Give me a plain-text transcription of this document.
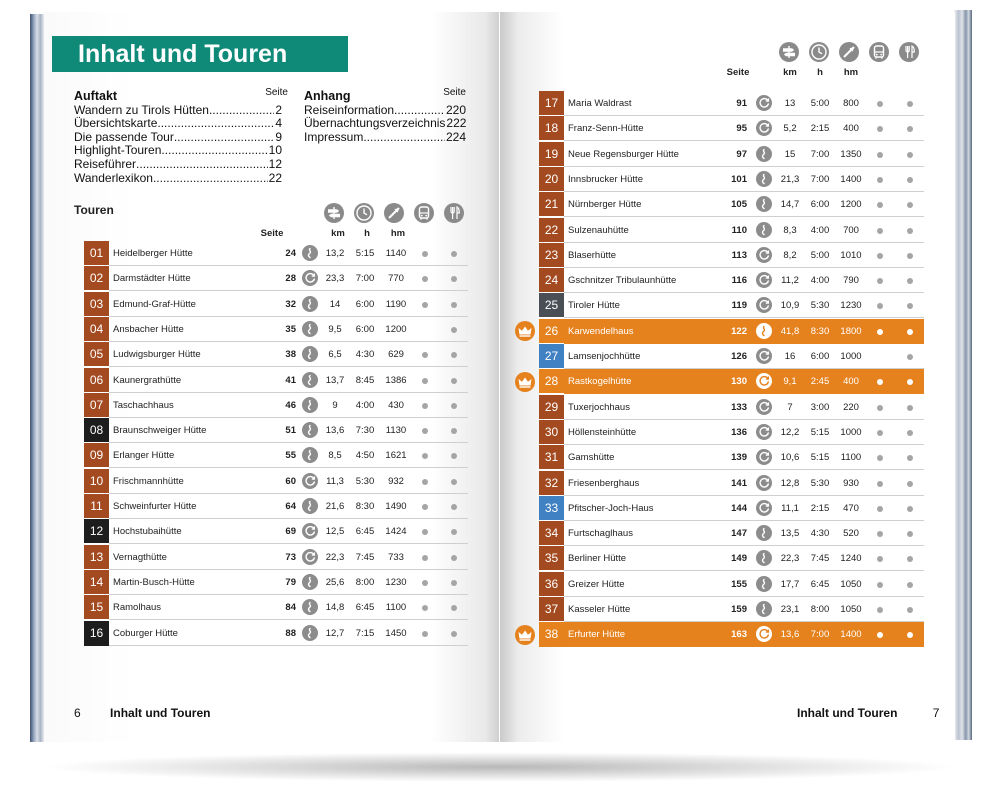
Inhalt und Touren
Auftakt	Seite
Wandern zu Tirols Hütten .....	2
Übersichtskarte .....	4
Die passende Tour .....	9
Highlight-Touren .....	10
Reiseführer .....	12
Wanderlexikon .....	22
Anhang	Seite
Reiseinformation .....	220
Übernachtungsverzeichnis 222
Impressum .....	224
Touren
Seite	km	h	hm
Seite	km	h	hm
01	Heidelberger Hütte	24	13,2	5:15	1140
02	Darmstädter Hütte	28	23,3	7:00	770
03	Edmund-Graf-Hütte	32	14	6:00	1190
04	Ansbacher Hütte	35	9,5	6:00	1200
05	Ludwigsburger Hütte	38	6,5	4:30	629
06	Kaunergrathütte	41	13,7	8:45	1386
07	Taschachhaus	46	9	4:00	430
08	Braunschweiger Hütte	51	13,6	7:30	1130
09	Erlanger Hütte	55	8,5	4:50	1621
10	Frischmannhütte	60	11,3	5:30	932
11	Schweinfurter Hütte	64	21,6	8:30	1490
12	Hochstubaihütte	69	12,5	6:45	1424
13	Vernagthütte	73	22,3	7:45	733
14	Martin-Busch-Hütte	79	25,6	8:00	1230
15	Ramolhaus	84	14,8	6:45	1100
16	Coburger Hütte	88	12,7	7:15	1450
17	Maria Waldrast	91	13	5:00	800
18	Franz-Senn-Hütte	95	5,2	2:15	400
19	Neue Regensburger Hütte	97	15	7:00	1350
20	Innsbrucker Hütte	101	21,3	7:00	1400
21	Nürnberger Hütte	105	14,7	6:00	1200
22	Sulzenauhütte	110	8,3	4:00	700
23	Blaserhütte	113	8,2	5:00	1010
24	Gschnitzer Tribulaunhütte	116	11,2	4:00	790
25	Tiroler Hütte	119	10,9	5:30	1230
26	Karwendelhaus	122	41,8	8:30	1800
27	Lamsenjochhütte	126	16	6:00	1000
28	Rastkogelhütte	130	9,1	2:45	400
29	Tuxerjochhaus	133	7	3:00	220
30	Höllensteinhütte	136	12,2	5:15	1000
31	Gamshütte	139	10,6	5:15	1100
32	Friesenberghaus	141	12,8	5:30	930
33	Pfitscher-Joch-Haus	144	11,1	2:15	470
34	Furtschaglhaus	147	13,5	4:30	520
35	Berliner Hütte	149	22,3	7:45	1240
36	Greizer Hütte	155	17,7	6:45	1050
37	Kasseler Hütte	159	23,1	8:00	1050
38	Erfurter Hütte	163	13,6	7:00	1400
6 Inhalt und Touren	Inhalt und Touren	7
